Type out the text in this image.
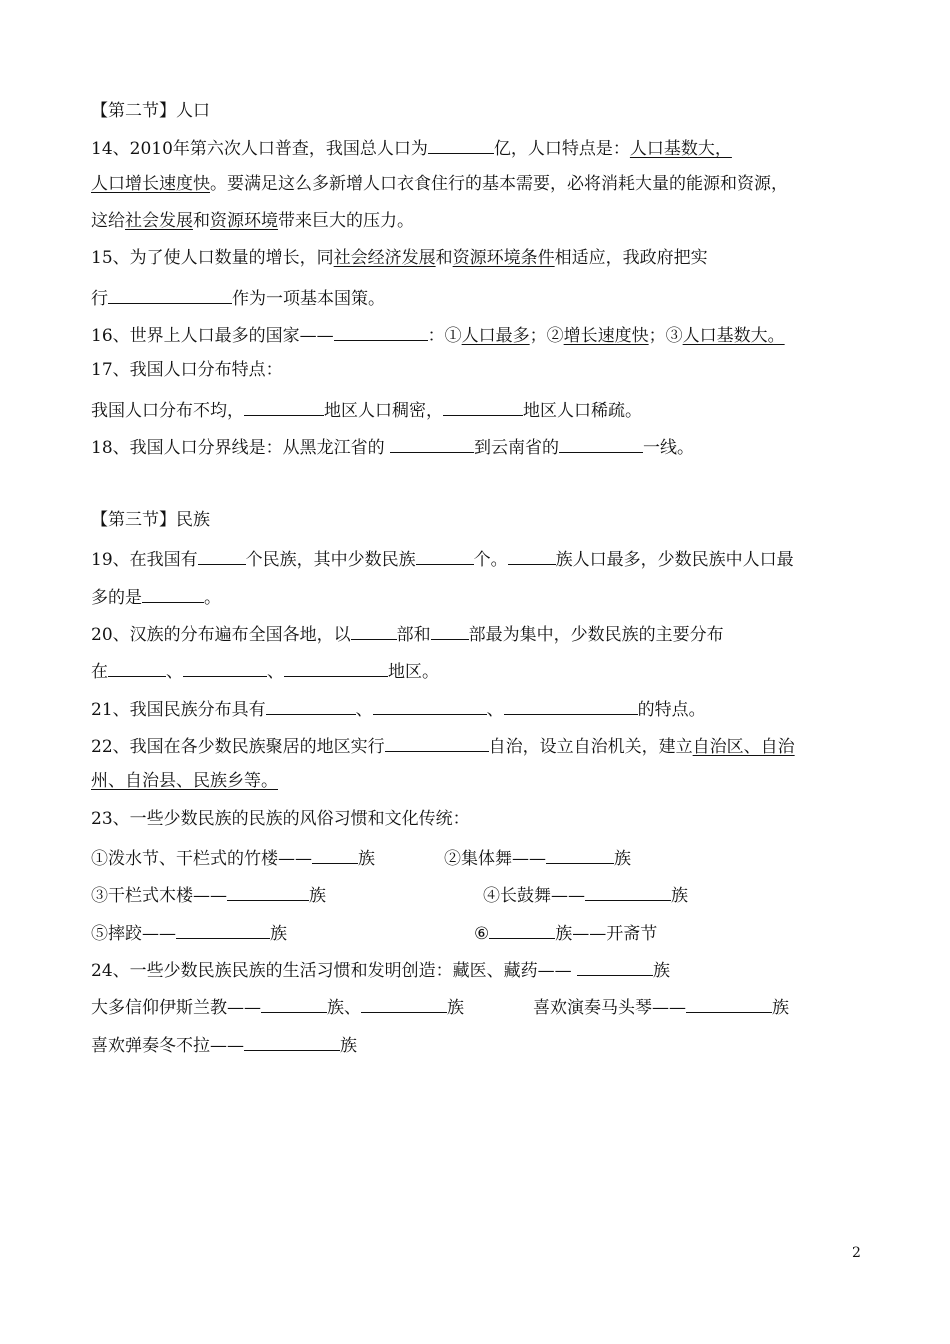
【第二节】人口
14、2010年第六次人口普查，我国总人口为	亿，人口特点是：人口基数大，
人口增长速度快。要满足这么多新增人口衣食住行的基本需要，必将消耗大量的能源和资源，
这给社会发展和资源环境带来巨大的压力。
15、为了使人口数量的增长，同社会经济发展和资源环境条件相适应，我政府把实
行	作为一项基本国策。
16、世界上人口最多的国家——	：①人口最多；②增长速度快；③人口基数大。
17、我国人口分布特点：
我国人口分布不均，	地区人口稠密，	地区人口稀疏。
18、我国人口分界线是：从黑龙江省的	到云南省的	一线。
【第三节】民族
19、在我国有	个民族，其中少数民族	个。	族人口最多，少数民族中人口最
多的是	。
20、汉族的分布遍布全国各地，以	部和 部最为集中，少数民族的主要分布
在	、	、	地区。
21、我国民族分布具有	、	、	的特点。
22、我国在各少数民族聚居的地区实行	自治，设立自治机关，建立自治区、自治
州、自治县、民族乡等。
23、一些少数民族的民族的风俗习惯和文化传统：
①泼水节、干栏式的竹楼——	族	②集体舞——	族
③干栏式木楼——	族	④长鼓舞——	族
⑤摔跤——	族	⑥	族——开斋节
24、一些少数民族民族的生活习惯和发明创造：藏医、藏药——	族
大多信仰伊斯兰教——	族、	族	喜欢演奏马头琴——	族
喜欢弹奏冬不拉——	族
2
